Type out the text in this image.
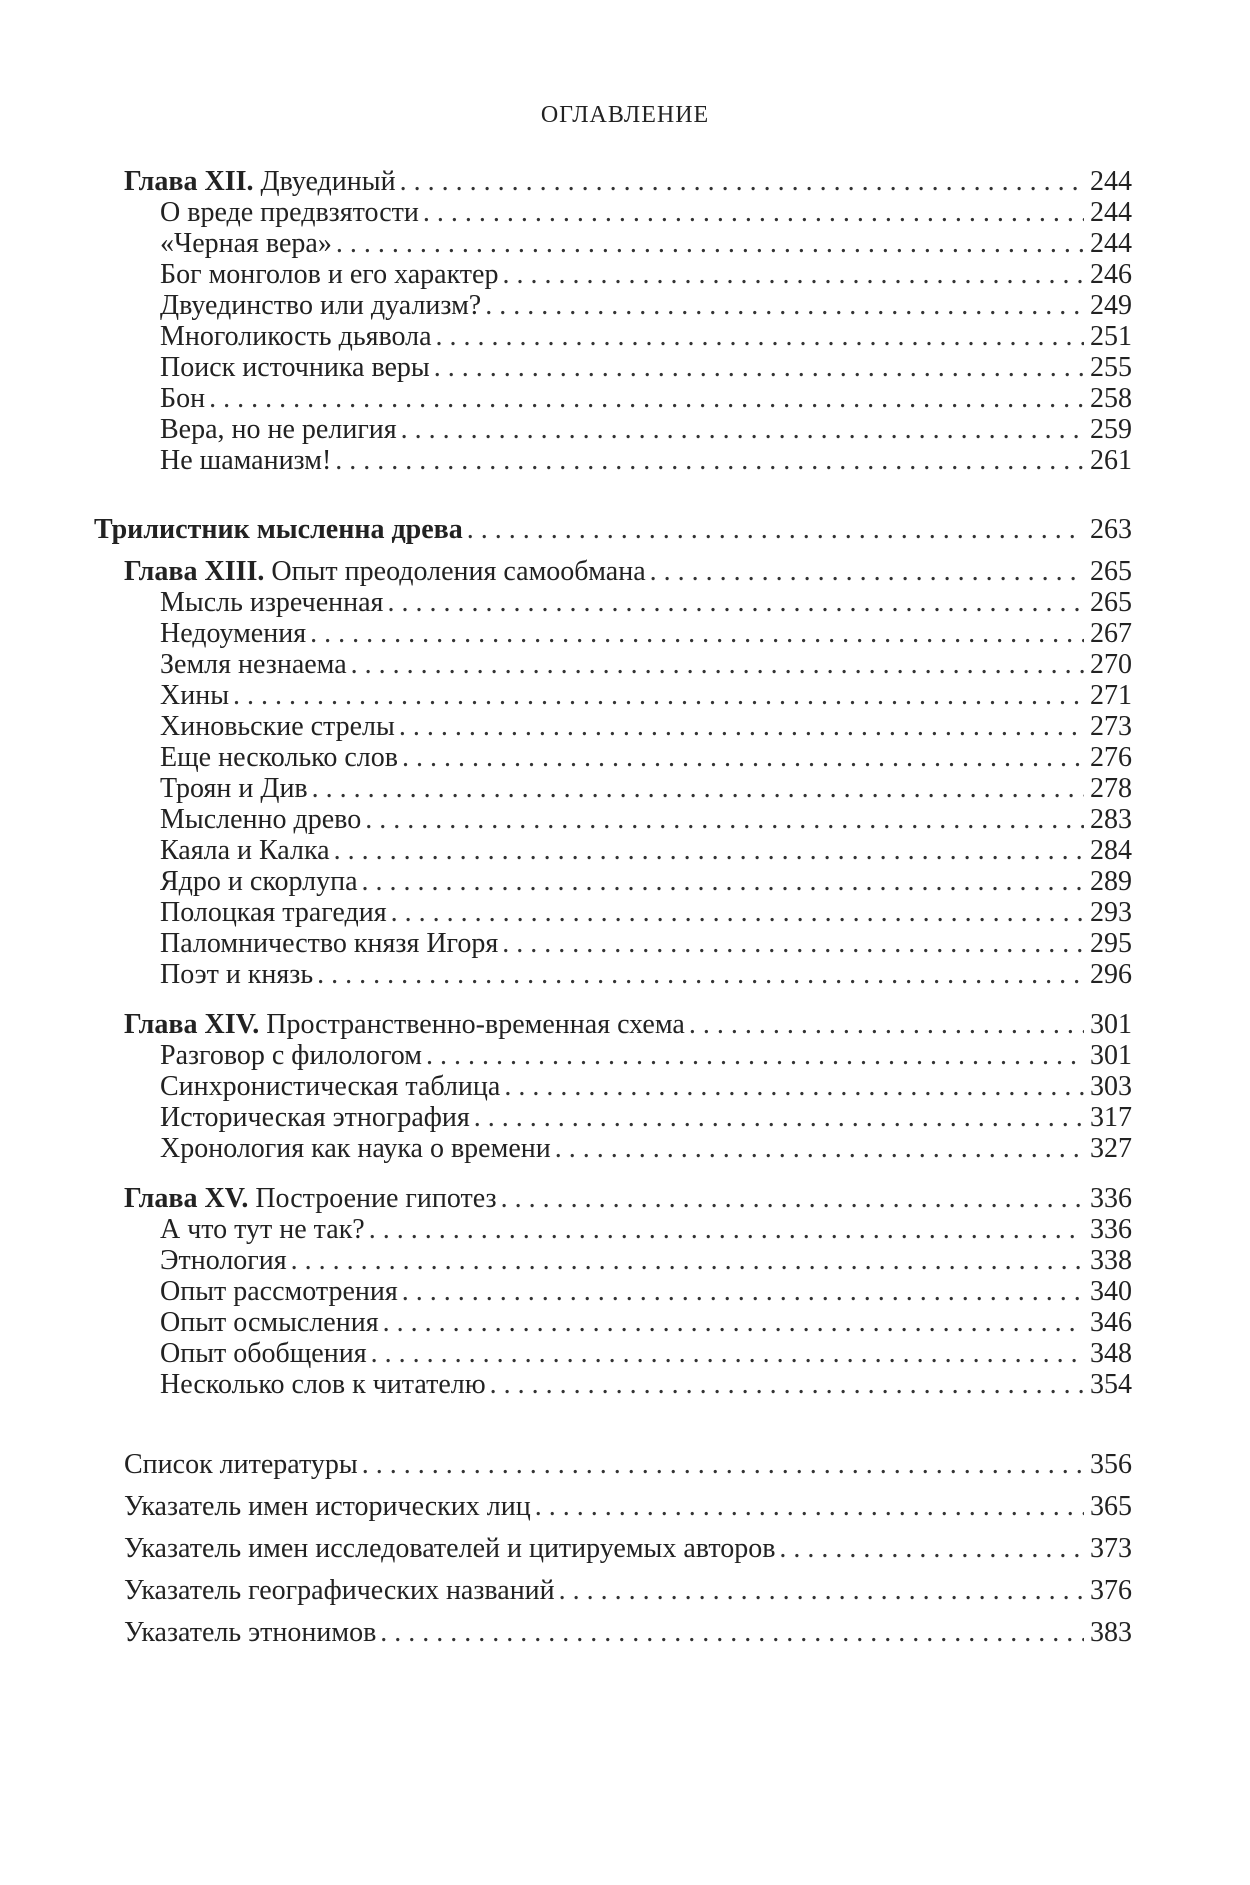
ОГЛАВЛЕНИЕ
Глава XII. Двуединый . . .	244
О вреде предвзятости . . .	244
«Черная вера» . . .	244
Бог монголов и его характер . . .	246
Двуединство или дуализм? . . .	249
Многоликость дьявола . . .	251
Поиск источника веры . . .	255
Бон . . .	258
Вера, но не религия . . .	259
Не шаманизм! . . .	261
Трилистник мысленна древа . . .	263
Глава XIII. Опыт преодоления самообмана . . .	265
Мысль изреченная . . .	265
Недоумения . . .	267
Земля незнаема . . .	270
Хины . . .	271
Хиновьские стрелы . . .	273
Еще несколько слов . . .	276
Троян и Див . . .	278
Мысленно древо . . .	283
Каяла и Калка . . .	284
Ядро и скорлупа . . .	289
Полоцкая трагедия . . .	293
Паломничество князя Игоря . . .	295
Поэт и князь . . .	296
Глава XIV. Пространственно-временная схема . . .	301
Разговор с филологом . . .	301
Синхронистическая таблица . . .	303
Историческая этнография . . .	317
Хронология как наука о времени . . .	327
Глава XV. Построение гипотез . . .	336
А что тут не так? . . .	336
Этнология . . .	338
Опыт рассмотрения . . .	340
Опыт осмысления . . .	346
Опыт обобщения . . .	348
Несколько слов к читателю . . .	354
Список литературы . . .	356
Указатель имен исторических лиц . . .	365
Указатель имен исследователей и цитируемых авторов . . .	373
Указатель географических названий . . .	376
Указатель этнонимов . . .	383
